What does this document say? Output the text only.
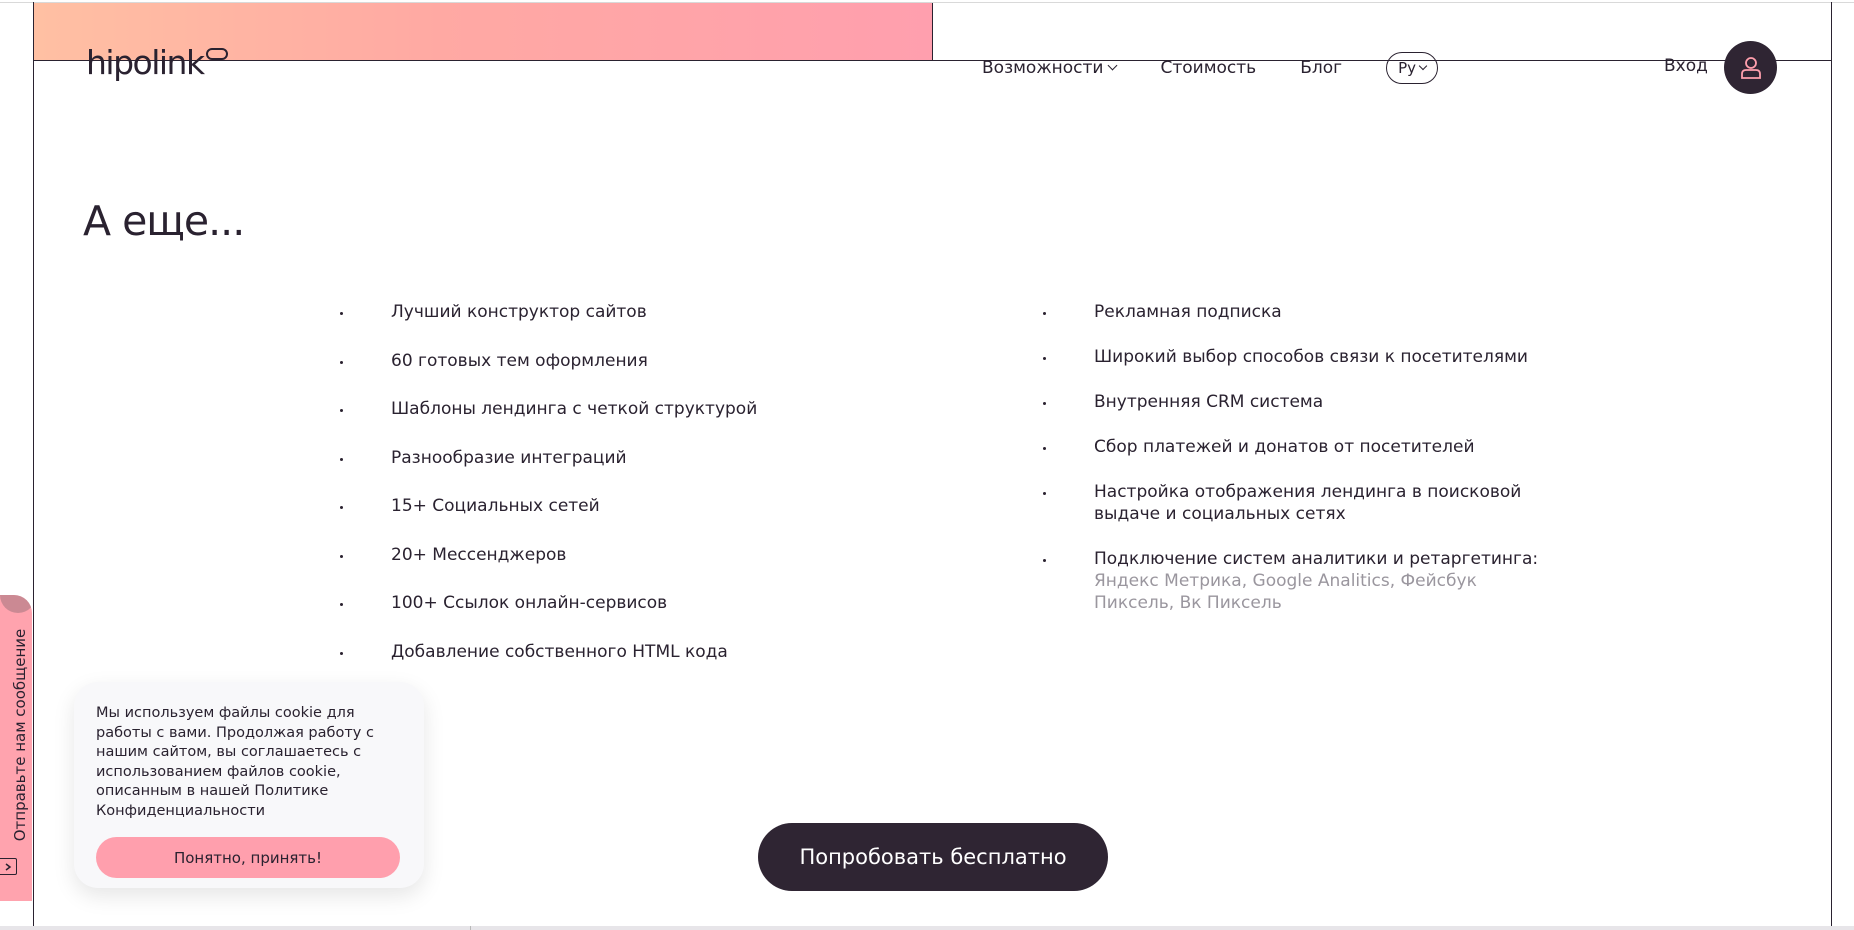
hipolink	Возможности	Стоимость	Блог	Ру	Вход
А еще...
Лучший конструктор сайтов
60 готовых тем оформления
Шаблоны лендинга с четкой структурой
Разнообразие интеграций
15+ Социальных сетей
20+ Мессенджеров
100+ Ссылок онлайн-сервисов
Добавление собственного HTML кода
Рекламная подписка
Широкий выбор способов связи к посетителями
Внутренняя CRM система
Сбор платежей и донатов от посетителей
Настройка отображения лендинга в поисковой выдаче и социальных сетях
Подключение систем аналитики и ретаргетинга:
Яндекс Метрика, Google Analitics, Фейсбук Пиксель, Вк Пиксель
Отправьте нам сообщение	Мы используем файлы cookie для работы с вами. Продолжая работу с нашим сайтом, вы соглашаетесь с использованием файлов cookie, описанным в нашей Политике Конфиденциальности

Понятно, принять!	Попробовать бесплатно
